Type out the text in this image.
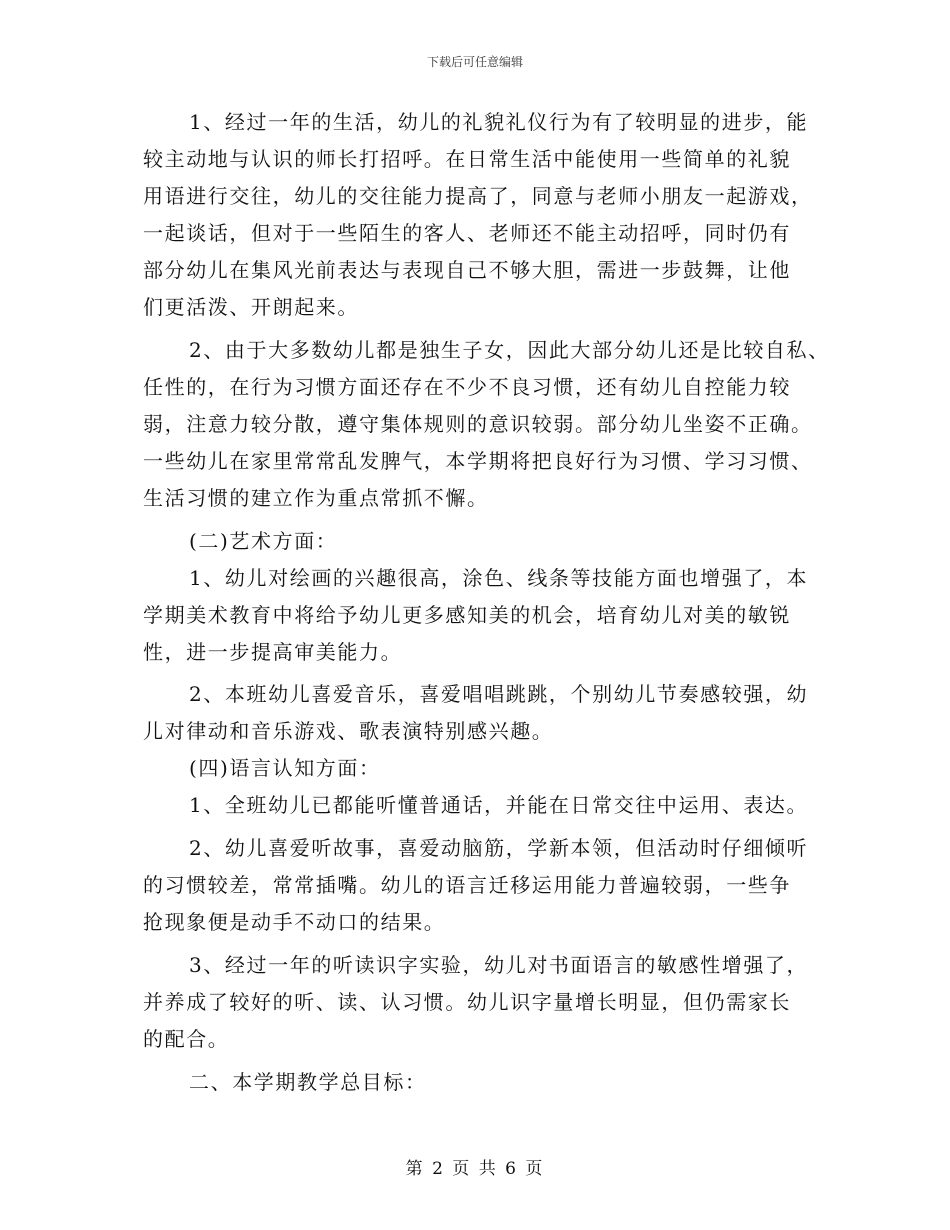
下载后可任意编辑
1、经过一年的生活，幼儿的礼貌礼仪行为有了较明显的进步，能
较主动地与认识的师长打招呼。在日常生活中能使用一些简单的礼貌
用语进行交往，幼儿的交往能力提高了，同意与老师小朋友一起游戏，
一起谈话，但对于一些陌生的客人、老师还不能主动招呼，同时仍有
部分幼儿在集风光前表达与表现自己不够大胆，需进一步鼓舞，让他
们更活泼、开朗起来。
2、由于大多数幼儿都是独生子女，因此大部分幼儿还是比较自私、
任性的，在行为习惯方面还存在不少不良习惯，还有幼儿自控能力较
弱，注意力较分散，遵守集体规则的意识较弱。部分幼儿坐姿不正确。
一些幼儿在家里常常乱发脾气，本学期将把良好行为习惯、学习习惯、
生活习惯的建立作为重点常抓不懈。
(二)艺术方面：
1、幼儿对绘画的兴趣很高，涂色、线条等技能方面也增强了，本
学期美术教育中将给予幼儿更多感知美的机会，培育幼儿对美的敏锐
性，进一步提高审美能力。
2、本班幼儿喜爱音乐，喜爱唱唱跳跳，个别幼儿节奏感较强，幼
儿对律动和音乐游戏、歌表演特别感兴趣。
(四)语言认知方面：
1、全班幼儿已都能听懂普通话，并能在日常交往中运用、表达。
2、幼儿喜爱听故事，喜爱动脑筋，学新本领，但活动时仔细倾听
的习惯较差，常常插嘴。幼儿的语言迁移运用能力普遍较弱，一些争
抢现象便是动手不动口的结果。
3、经过一年的听读识字实验，幼儿对书面语言的敏感性增强了，
并养成了较好的听、读、认习惯。幼儿识字量增长明显，但仍需家长
的配合。
二、本学期教学总目标：
第 2 页 共 6 页
